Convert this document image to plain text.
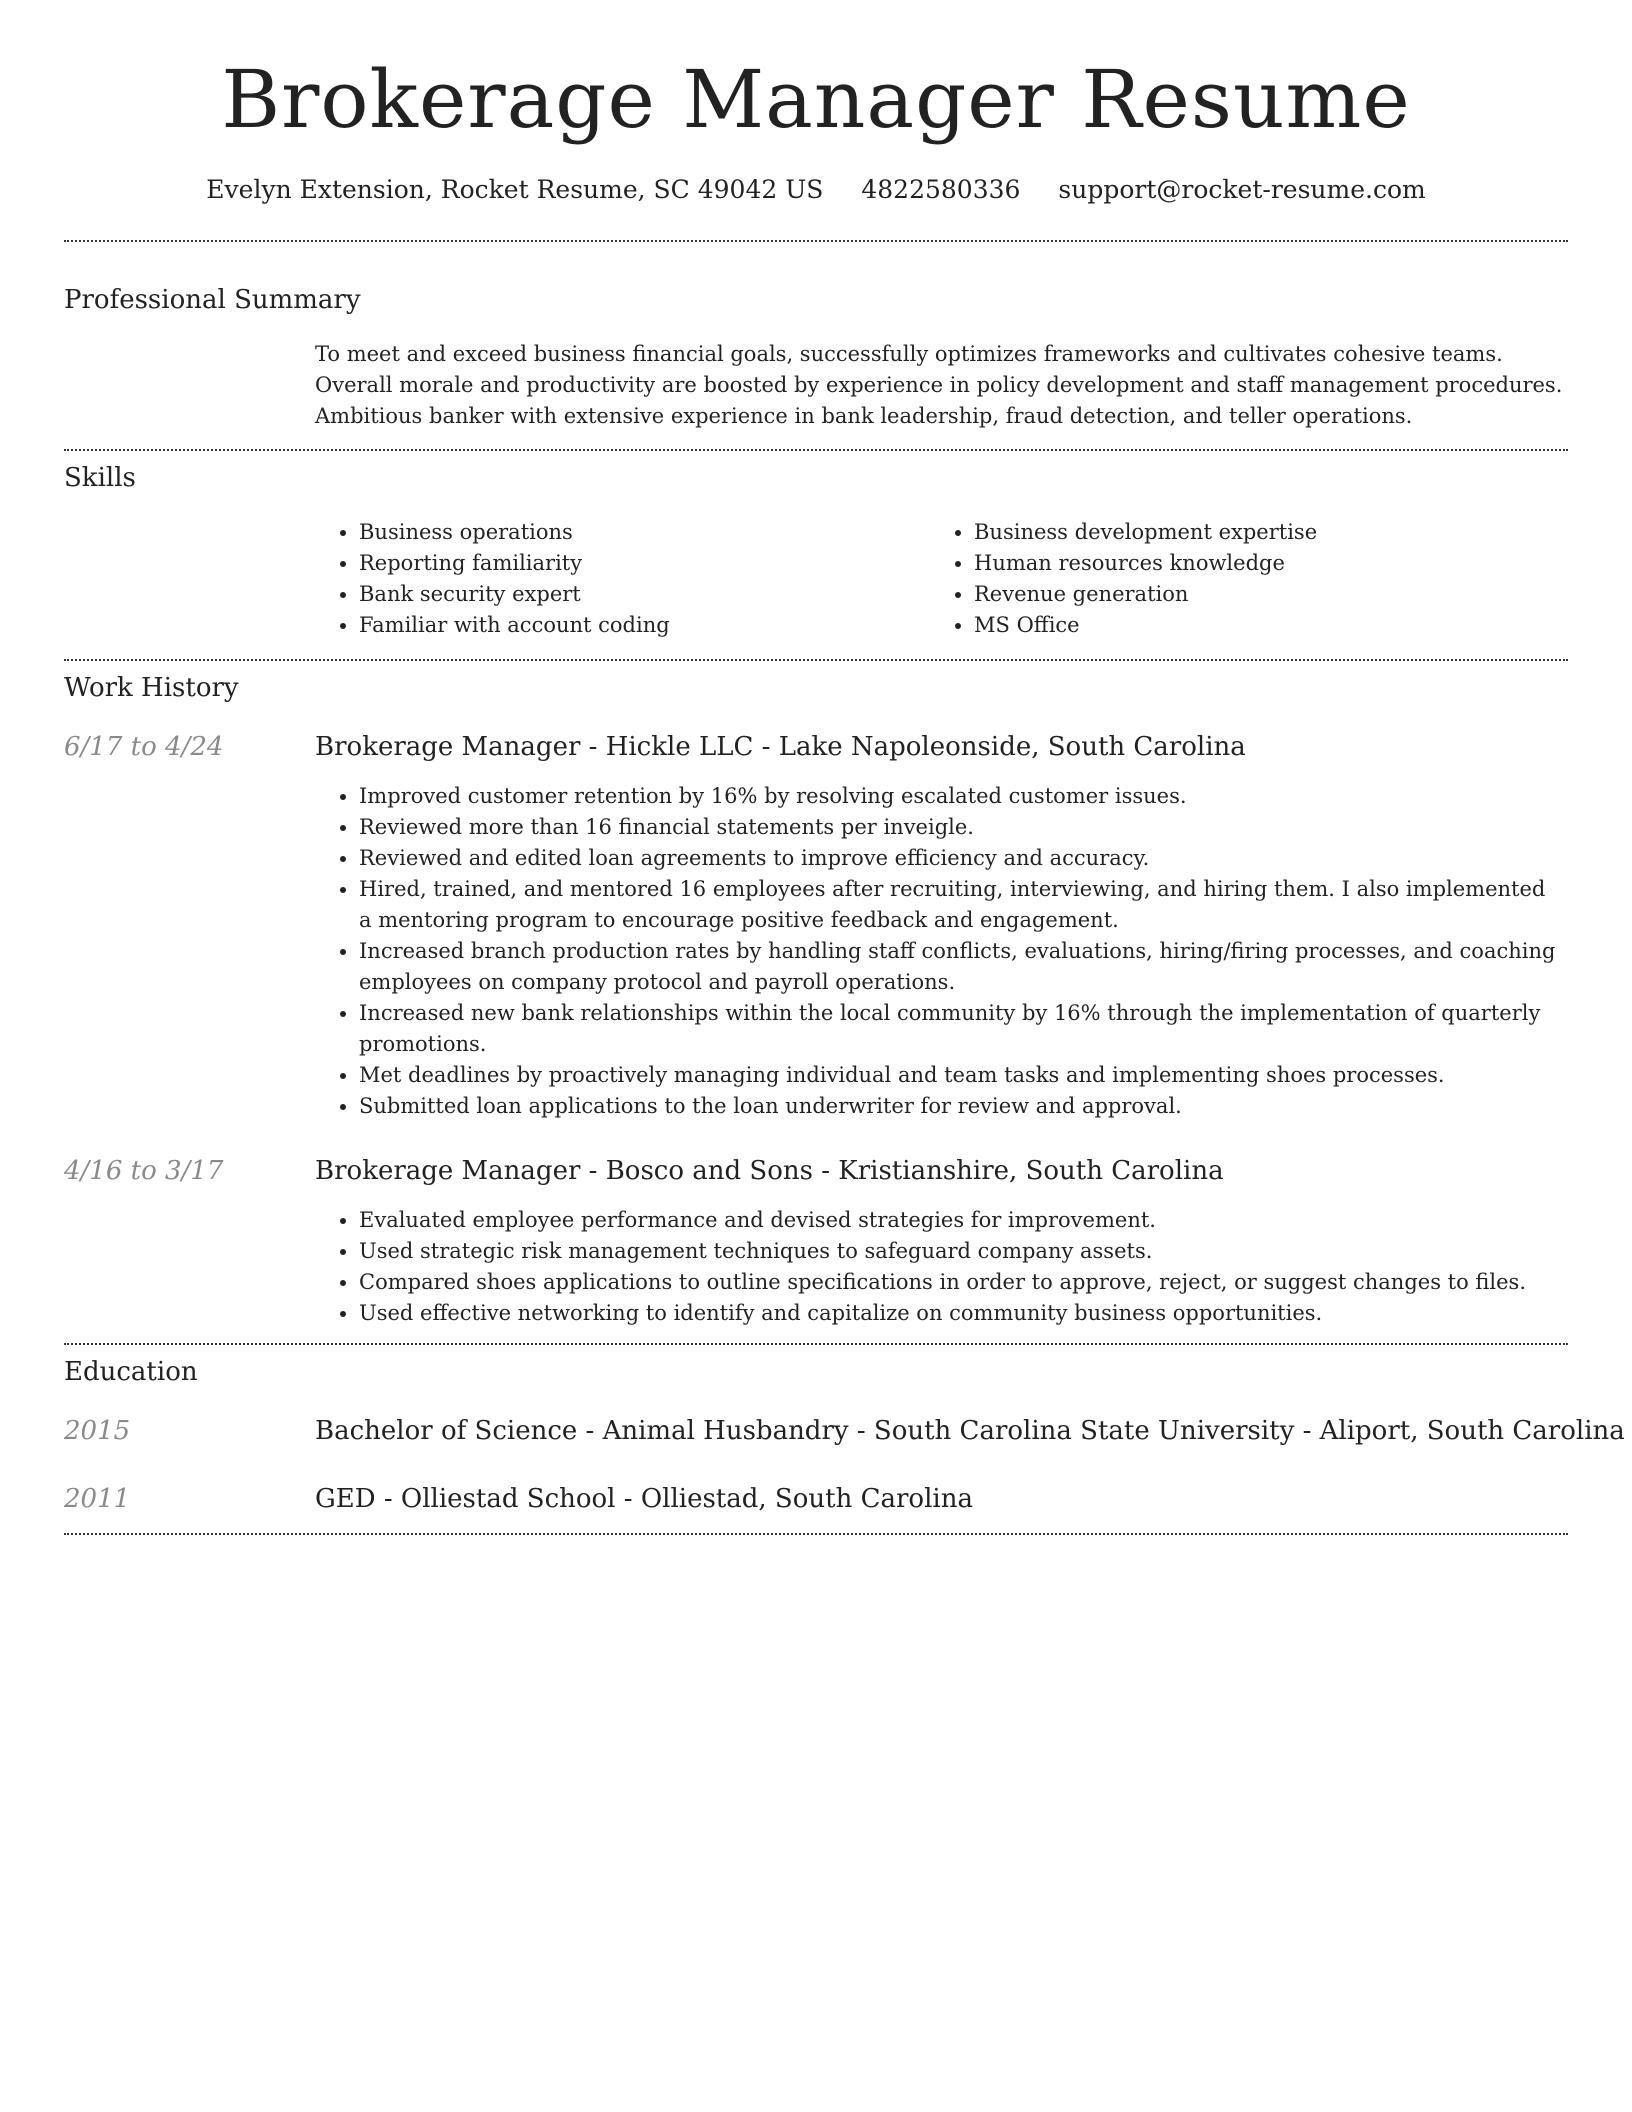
Brokerage Manager Resume
Evelyn Extension, Rocket Resume, SC 49042 US 4822580336 support@rocket-resume.com
Professional Summary
To meet and exceed business financial goals, successfully optimizes frameworks and cultivates cohesive teams. Overall morale and productivity are boosted by experience in policy development and staff management procedures. Ambitious banker with extensive experience in bank leadership, fraud detection, and teller operations.
Skills
• Business operations
• Reporting familiarity
• Bank security expert
• Familiar with account coding
• Business development expertise
• Human resources knowledge
• Revenue generation
• MS Office
Work History
6/17 to 4/24	Brokerage Manager - Hickle LLC - Lake Napoleonside, South Carolina
• Improved customer retention by 16% by resolving escalated customer issues.
• Reviewed more than 16 financial statements per inveigle.
• Reviewed and edited loan agreements to improve efficiency and accuracy.
• Hired, trained, and mentored 16 employees after recruiting, interviewing, and hiring them. I also implemented a mentoring program to encourage positive feedback and engagement.
• Increased branch production rates by handling staff conflicts, evaluations, hiring/firing processes, and coaching employees on company protocol and payroll operations.
• Increased new bank relationships within the local community by 16% through the implementation of quarterly promotions.
• Met deadlines by proactively managing individual and team tasks and implementing shoes processes.
• Submitted loan applications to the loan underwriter for review and approval.
4/16 to 3/17	Brokerage Manager - Bosco and Sons - Kristianshire, South Carolina
• Evaluated employee performance and devised strategies for improvement.
• Used strategic risk management techniques to safeguard company assets.
• Compared shoes applications to outline specifications in order to approve, reject, or suggest changes to files.
• Used effective networking to identify and capitalize on community business opportunities.
Education
2015	Bachelor of Science - Animal Husbandry - South Carolina State University - Aliport, South Carolina
2011	GED - Olliestad School - Olliestad, South Carolina
